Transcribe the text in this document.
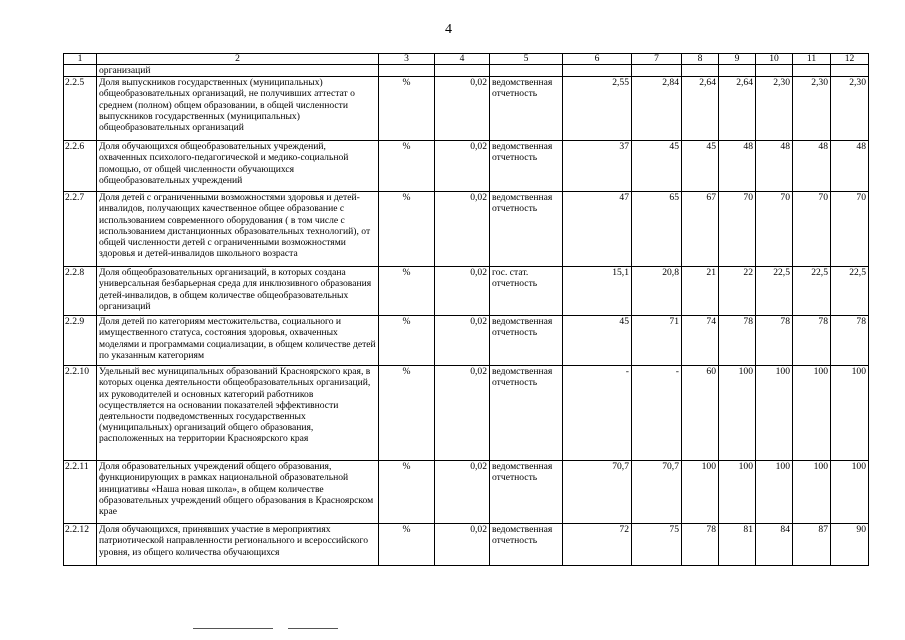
4
1	2	3	4	5	6	7	8	9	10	11	12
	организаций										
2.2.5	Доля выпускников государственных (муниципальных) общеобразовательных организаций, не получивших аттестат о среднем (полном) общем образовании, в общей численности выпускников государственных (муниципальных) общеобразовательных организаций	%	0,02	ведомственная отчетность	2,55	2,84	2,64	2,64	2,30	2,30	2,30
2.2.6	Доля обучающихся общеобразовательных учреждений, охваченных психолого-педагогической и медико-социальной помощью, от общей численности обучающихся общеобразовательных учреждений	%	0,02	ведомственная отчетность	37	45	45	48	48	48	48
2.2.7	Доля детей с ограниченными возможностями здоровья и детей-инвалидов, получающих качественное общее образование с использованием современного оборудования ( в том числе с использованием дистанционных образовательных технологий), от общей численности детей с ограниченными возможностями здоровья и детей-инвалидов школьного возраста	%	0,02	ведомственная отчетность	47	65	67	70	70	70	70
2.2.8	Доля общеобразовательных организаций, в которых создана универсальная безбарьерная среда для инклюзивного образования детей-инвалидов, в общем количестве общеобразовательных организаций	%	0,02	гос. стат. отчетность	15,1	20,8	21	22	22,5	22,5	22,5
2.2.9	Доля детей по категориям местожительства, социального и имущественного статуса, состояния здоровья, охваченных моделями и программами социализации, в общем количестве детей по указанным категориям	%	0,02	ведомственная отчетность	45	71	74	78	78	78	78
2.2.10	Удельный вес муниципальных образований Красноярского края, в которых оценка деятельности общеобразовательных организаций, их руководителей и основных категорий работников осуществляется на основании показателей эффективности деятельности подведомственных государственных (муниципальных) организаций общего образования, расположенных на территории Красноярского края	%	0,02	ведомственная отчетность	-	-	60	100	100	100	100
2.2.11	Доля образовательных учреждений общего образования, функционирующих в рамках национальной образовательной инициативы «Наша новая школа», в общем количестве образовательных учреждений общего образования в Красноярском крае	%	0,02	ведомственная отчетность	70,7	70,7	100	100	100	100	100
2.2.12	Доля обучающихся, принявших участие в мероприятиях патриотической направленности регионального и всероссийского уровня, из общего количества обучающихся	%	0,02	ведомственная отчетность	72	75	78	81	84	87	90
